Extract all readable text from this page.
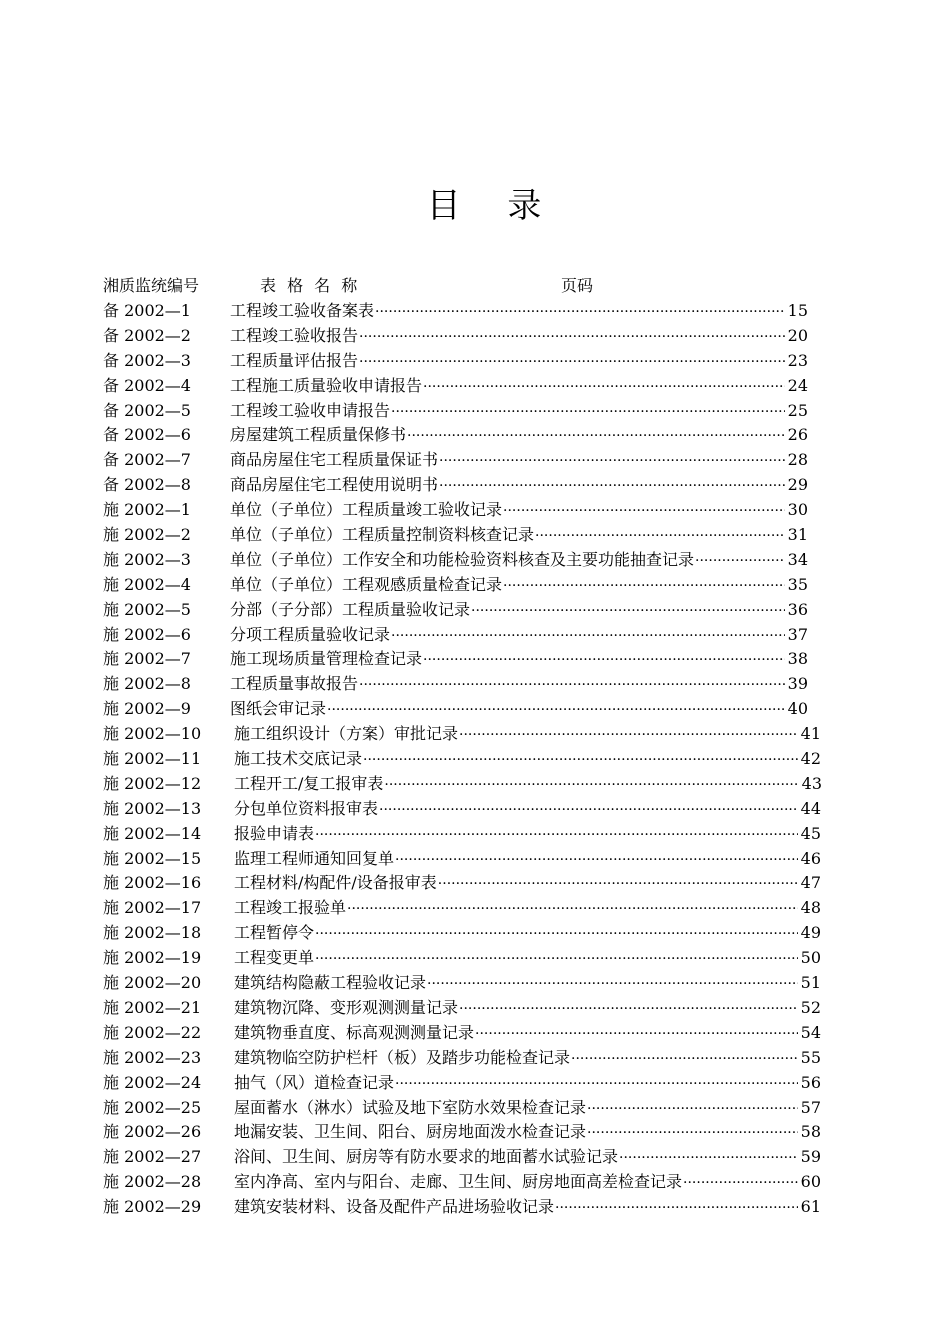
目 录
湘质监统编号	表 格 名 称	页码
备 2002—1 工程竣工验收备案表 ·····	15
备 2002—2 工程竣工验收报告 ·····	20
备 2002—3 工程质量评估报告 ·····	23
备 2002—4 工程施工质量验收申请报告 ·····	24
备 2002—5 工程竣工验收申请报告 ·····	25
备 2002—6 房屋建筑工程质量保修书 ·····	26
备 2002—7 商品房屋住宅工程质量保证书 ·····	28
备 2002—8 商品房屋住宅工程使用说明书 ·····	29
施 2002—1 单位（子单位）工程质量竣工验收记录 ·····	30
施 2002—2 单位（子单位）工程质量控制资料核查记录 ·····	31
施 2002—3 单位（子单位）工作安全和功能检验资料核查及主要功能抽查记录 ·····	34
施 2002—4 单位（子单位）工程观感质量检查记录 ·····	35
施 2002—5 分部（子分部）工程质量验收记录 ·····	36
施 2002—6 分项工程质量验收记录 ·····	37
施 2002—7 施工现场质量管理检查记录 ·····	38
施 2002—8 工程质量事故报告 ·····	39
施 2002—9 图纸会审记录 ·····	40
施 2002—10 施工组织设计（方案）审批记录 ·····	41
施 2002—11 施工技术交底记录 ·····	42
施 2002—12 工程开工/复工报审表 ·····	43
施 2002—13 分包单位资料报审表 ·····	44
施 2002—14 报验申请表 ·····	45
施 2002—15 监理工程师通知回复单 ·····	46
施 2002—16 工程材料/构配件/设备报审表 ·····	47
施 2002—17 工程竣工报验单 ·····	48
施 2002—18 工程暂停令 ·····	49
施 2002—19 工程变更单 ·····	50
施 2002—20 建筑结构隐蔽工程验收记录 ·····	51
施 2002—21 建筑物沉降、变形观测测量记录 ·····	52
施 2002—22 建筑物垂直度、标高观测测量记录 ·····	54
施 2002—23 建筑物临空防护栏杆（板）及踏步功能检查记录 ·····	55
施 2002—24 抽气（风）道检查记录 ·····	56
施 2002—25 屋面蓄水（淋水）试验及地下室防水效果检查记录 ·····	57
施 2002—26 地漏安装、卫生间、阳台、厨房地面泼水检查记录 ·····	58
施 2002—27 浴间、卫生间、厨房等有防水要求的地面蓄水试验记录 ·····	59
施 2002—28 室内净高、室内与阳台、走廊、卫生间、厨房地面高差检查记录 ·····	60
施 2002—29 建筑安装材料、设备及配件产品进场验收记录 ·····	61
